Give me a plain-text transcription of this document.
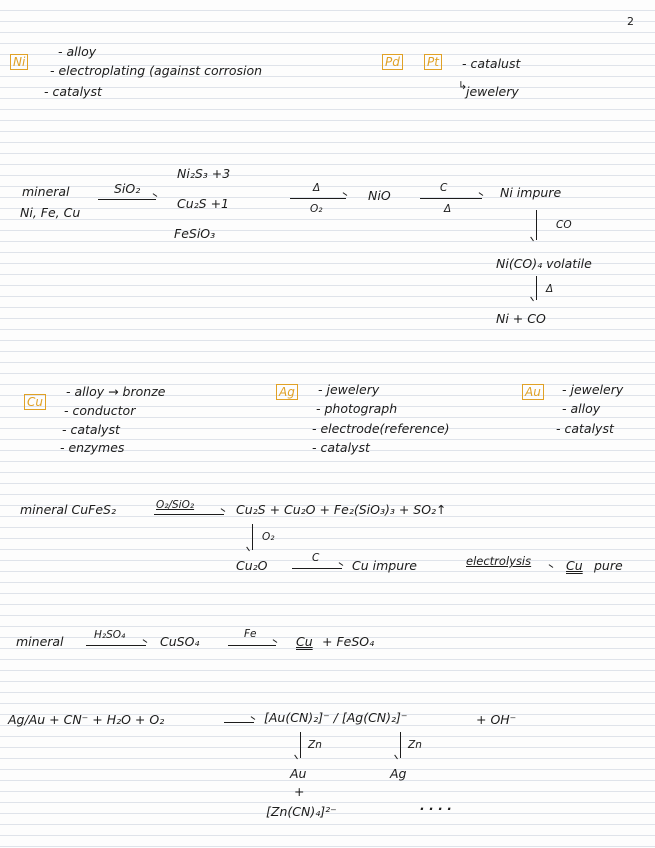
2
Ni
- alloy
- electroplating (against corrosion
- catalyst
Pd Pt - catalust
jewelery
↳
mineral
Ni, Fe, Cu
SiO₂
Ni₂S₃ +3
Cu₂S +1
FeSiO₃
Δ
O₂
NiO	C
Δ
Ni impure
CO
Ni(CO)₄ volatile
Δ
Ni + CO
Cu
- alloy → bronze
- conductor
- catalyst
- enzymes
Ag - jewelery
- photograph
- electrode(reference)
- catalyst
Au - jewelery
- alloy
- catalyst
mineral CuFeS₂	O₂/SiO₂	Cu₂S + Cu₂O + Fe₂(SiO₃)₃ + SO₂↑
O₂
Cu₂O	C	Cu impure	electrolysis	Cu pure
mineral	H₂SO₄	CuSO₄	Fe	Cu + FeSO₄
Ag/Au + CN⁻ + H₂O + O₂	[Au(CN)₂]⁻ / [Ag(CN)₂]⁻	+ OH⁻
Zn	Zn
Au	Ag
+
[Zn(CN)₄]²⁻	. . . .
